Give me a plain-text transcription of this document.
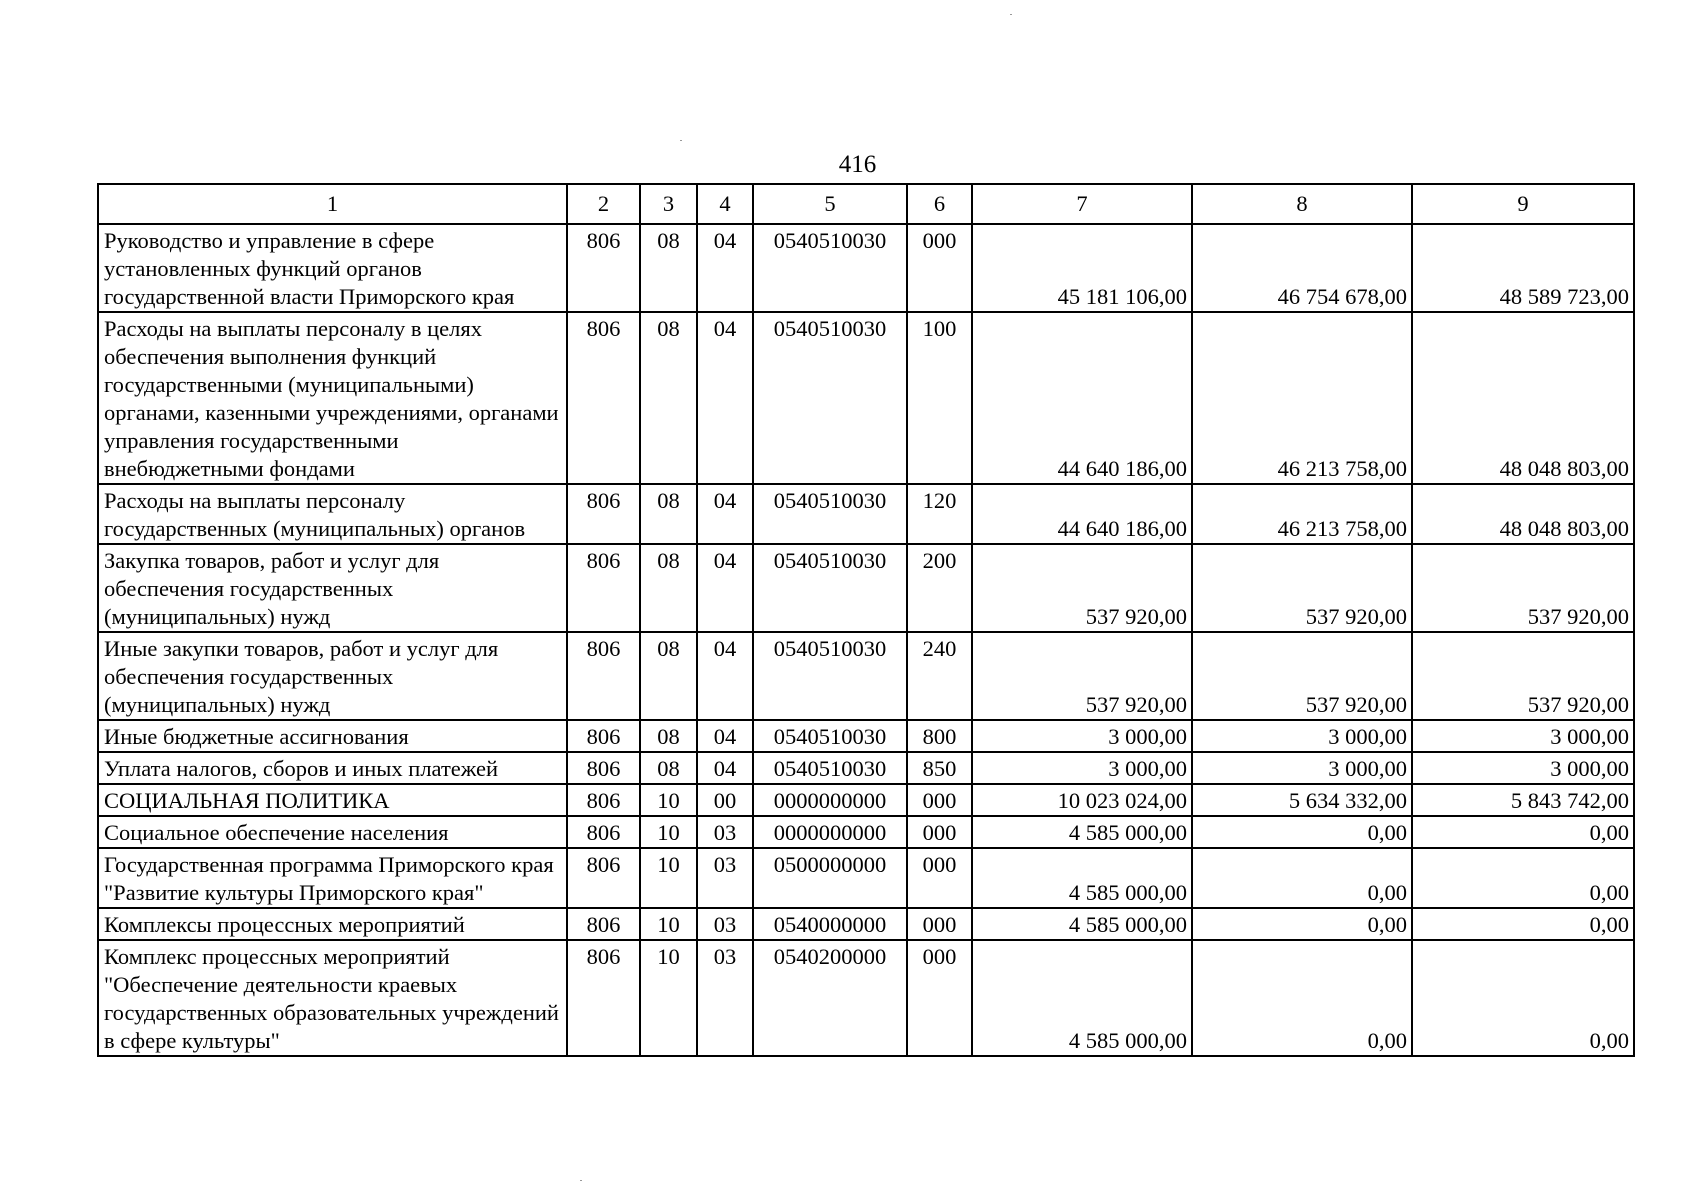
416
1	2	3	4	5	6	7	8	9
Руководство и управление в сфере установленных функций органов государственной власти Приморского края	806	08	04	0540510030	000	45 181 106,00	46 754 678,00	48 589 723,00
Расходы на выплаты персоналу в целях обеспечения выполнения функций государственными (муниципальными) органами, казенными учреждениями, органами управления государственными внебюджетными фондами	806	08	04	0540510030	100	44 640 186,00	46 213 758,00	48 048 803,00
Расходы на выплаты персоналу государственных (муниципальных) органов	806	08	04	0540510030	120	44 640 186,00	46 213 758,00	48 048 803,00
Закупка товаров, работ и услуг для обеспечения государственных (муниципальных) нужд	806	08	04	0540510030	200	537 920,00	537 920,00	537 920,00
Иные закупки товаров, работ и услуг для обеспечения государственных (муниципальных) нужд	806	08	04	0540510030	240	537 920,00	537 920,00	537 920,00
Иные бюджетные ассигнования	806	08	04	0540510030	800	3 000,00	3 000,00	3 000,00
Уплата налогов, сборов и иных платежей	806	08	04	0540510030	850	3 000,00	3 000,00	3 000,00
СОЦИАЛЬНАЯ ПОЛИТИКА	806	10	00	0000000000	000	10 023 024,00	5 634 332,00	5 843 742,00
Социальное обеспечение населения	806	10	03	0000000000	000	4 585 000,00	0,00	0,00
Государственная программа Приморского края "Развитие культуры Приморского края"	806	10	03	0500000000	000	4 585 000,00	0,00	0,00
Комплексы процессных мероприятий	806	10	03	0540000000	000	4 585 000,00	0,00	0,00
Комплекс процессных мероприятий "Обеспечение деятельности краевых государственных образовательных учреждений в сфере культуры"	806	10	03	0540200000	000	4 585 000,00	0,00	0,00
